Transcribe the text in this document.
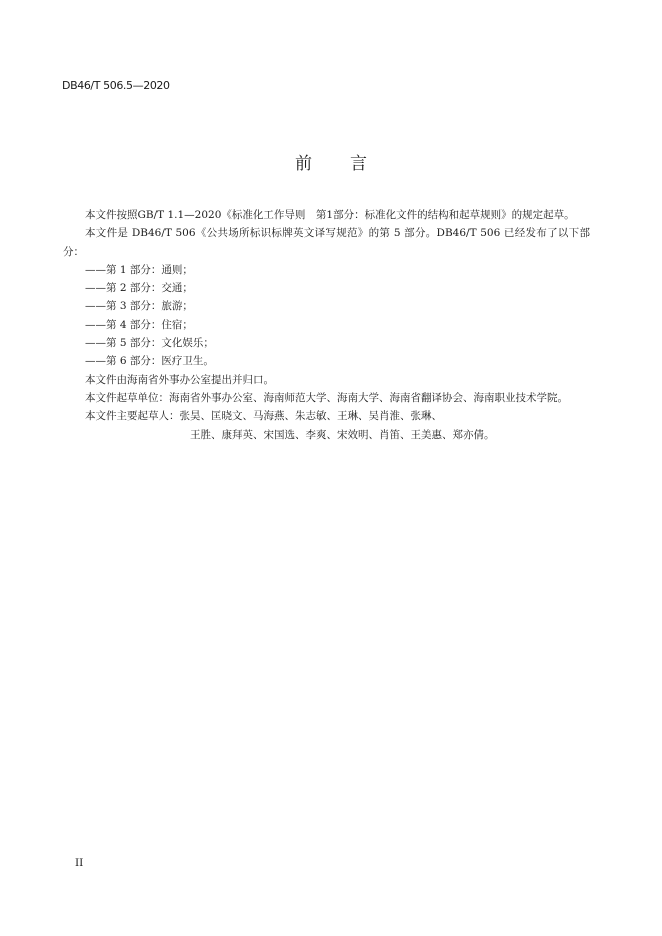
DB46/T 506.5—2020
前 言

本文件按照GB/T 1.1—2020《标准化工作导则　第1部分：标准化文件的结构和起草规则》的规定起草。

本文件是 DB46/T 506《公共场所标识标牌英文译写规范》的第 5 部分。DB46/T 506 已经发布了以下部分：

——第 1 部分：通则；

——第 2 部分：交通；

——第 3 部分：旅游；

——第 4 部分：住宿；

——第 5 部分：文化娱乐；

——第 6 部分：医疗卫生。

本文件由海南省外事办公室提出并归口。

本文件起草单位：海南省外事办公室、海南师范大学、海南大学、海南省翻译协会、海南职业技术学院。

本文件主要起草人：张昊、匡晓文、马海燕、朱志敏、王琳、吴肖淮、张琳、

王胜、康拜英、宋国选、李爽、宋效明、肖笛、王美惠、郑亦倩。

II
